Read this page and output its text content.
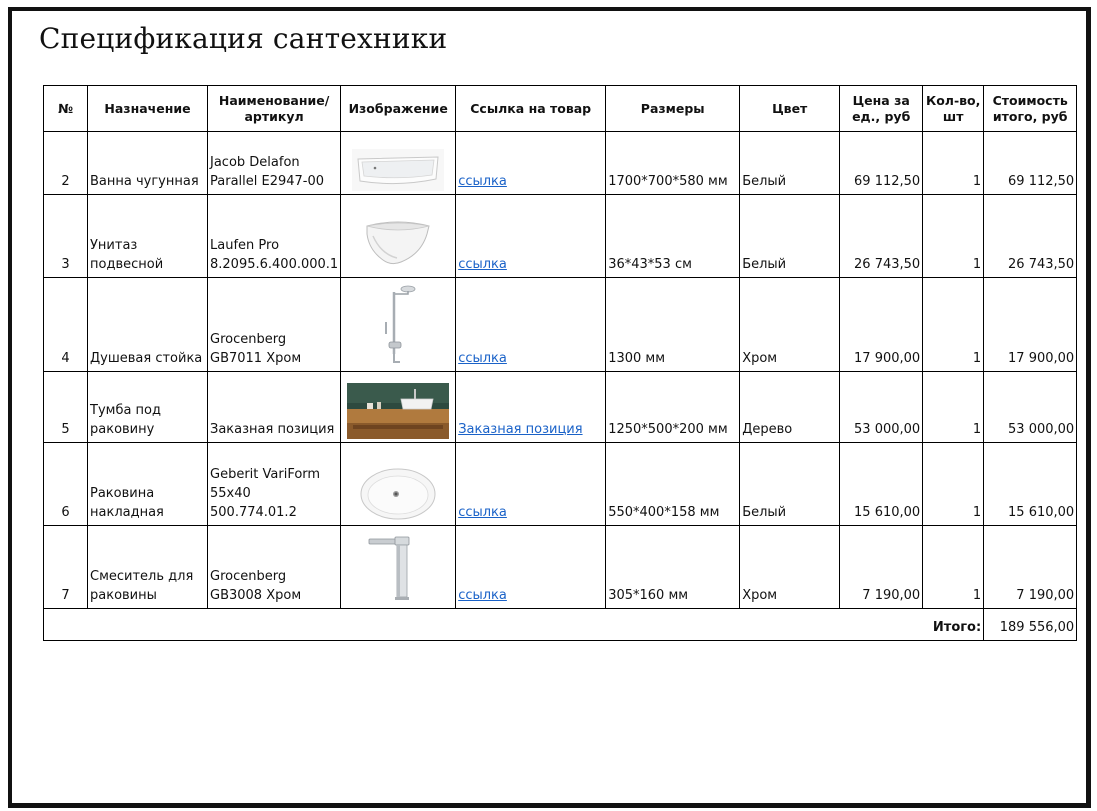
Спецификация сантехники
№	Назначение	Наименование/ артикул	Изображение	Ссылка на товар	Размеры	Цвет	Цена за ед., руб	Кол-во, шт	Стоимость итого, руб
2	Ванна чугунная	Jacob Delafon Parallel E2947-00		ссылка	1700*700*580 мм	Белый	69 112,50	1	69 112,50
3	Унитаз подвесной	Laufen Pro 8.2095.6.400.000.1		ссылка	36*43*53 см	Белый	26 743,50	1	26 743,50
4	Душевая стойка	Grocenberg GB7011 Хром		ссылка	1300 мм	Хром	17 900,00	1	17 900,00
5	Тумба под раковину	Заказная позиция		Заказная позиция	1250*500*200 мм	Дерево	53 000,00	1	53 000,00
6	Раковина накладная	Geberit VariForm 55x40 500.774.01.2		ссылка	550*400*158 мм	Белый	15 610,00	1	15 610,00
7	Смеситель для раковины	Grocenberg GB3008 Хром		ссылка	305*160 мм	Хром	7 190,00	1	7 190,00
Итого:									189 556,00
